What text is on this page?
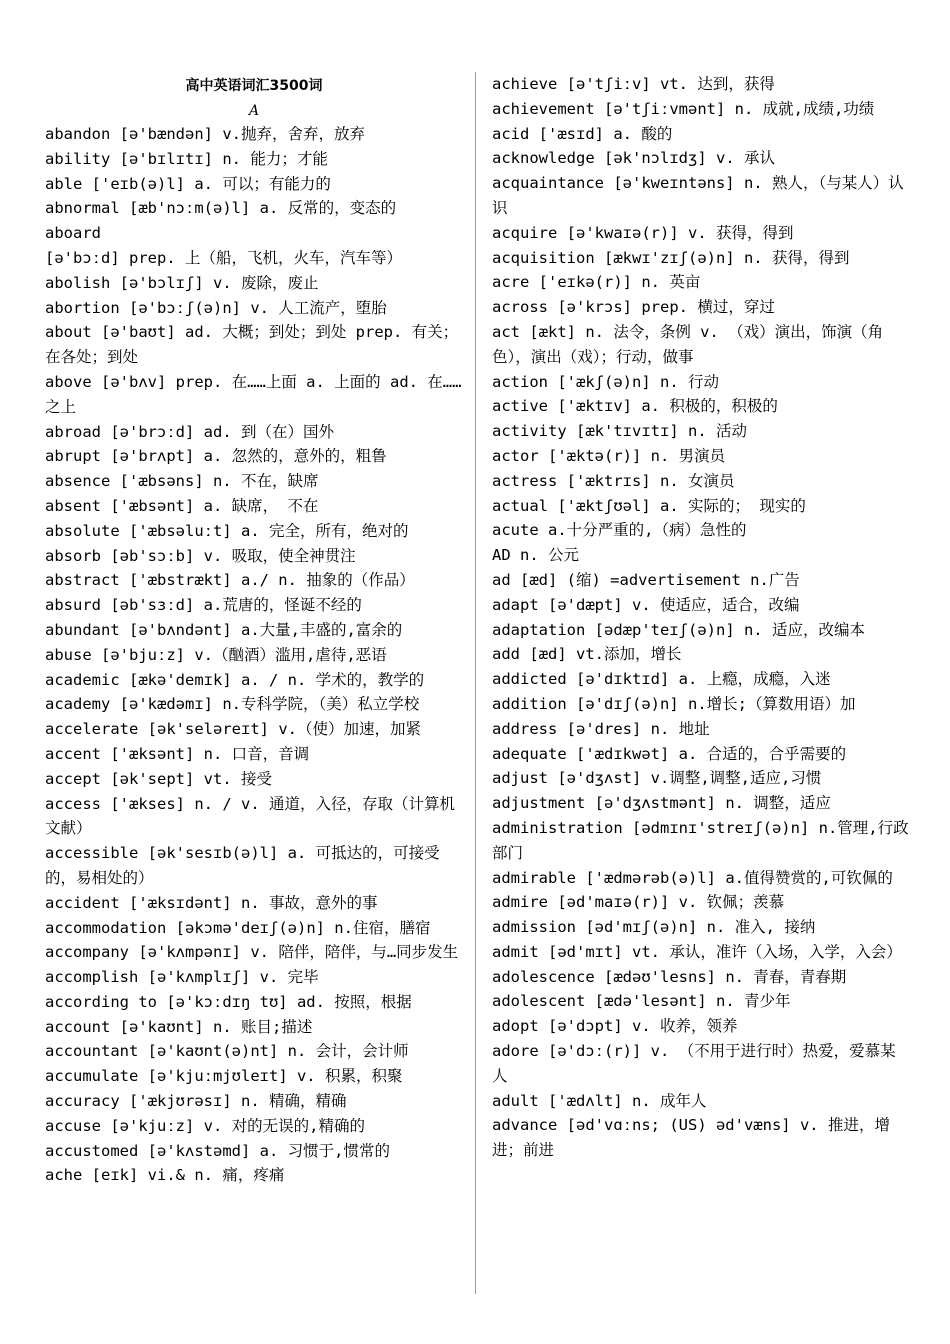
高中英语词汇3500词
A
abandon [ə'bændən] v.抛弃，舍弃，放弃
ability [ə'bɪlɪtɪ] n. 能力；才能
able ['eɪb(ə)l] a. 可以；有能力的
abnormal [æb'nɔːm(ə)l] a. 反常的，变态的
aboard [ə'bɔːd] prep. 上（船，飞机，火车，汽车等）
abolish [ə'bɔlɪʃ] v. 废除，废止
abortion [ə'bɔːʃ(ə)n] v. 人工流产，堕胎
about [ə'baʊt] ad. 大概；到处；到处 prep. 有关；在各处；到处
above [ə'bʌv] prep. 在……上面 a. 上面的 ad. 在……之上
abroad [ə'brɔːd] ad. 到（在）国外
abrupt [ə'brʌpt] a. 忽然的，意外的，粗鲁
absence ['æbsəns] n. 不在，缺席
absent ['æbsənt] a. 缺席， 不在
absolute ['æbsəluːt] a. 完全，所有，绝对的
absorb [əb'sɔːb] v. 吸取，使全神贯注
abstract ['æbstrækt] a./ n. 抽象的（作品）
absurd [əb'sɜːd] a.荒唐的，怪诞不经的
abundant [ə'bʌndənt] a.大量,丰盛的,富余的
abuse [ə'bjuːz] v.（酗酒）滥用,虐待,恶语
academic [ækə'demɪk] a. / n. 学术的，教学的
academy [ə'kædəmɪ] n.专科学院，（美）私立学校
accelerate [ək'seləreɪt] v.（使）加速，加紧
accent ['æksənt] n. 口音，音调
accept [ək'sept] vt. 接受
access ['ækses] n. / v. 通道，入径，存取（计算机文献）
accessible [ək'sesɪb(ə)l] a. 可抵达的，可接受的，易相处的）
accident ['æksɪdənt] n. 事故，意外的事
accommodation [əkɔmə'deɪʃ(ə)n] n.住宿，膳宿
accompany [ə'kʌmpənɪ] v. 陪伴，陪伴，与…同步发生
accomplish [ə'kʌmplɪʃ] v. 完毕
according to [ə'kɔːdɪŋ tʊ] ad. 按照，根据
account [ə'kaʊnt] n. 账目;描述
accountant [ə'kaʊnt(ə)nt] n. 会计，会计师
accumulate [ə'kjuːmjʊleɪt] v. 积累，积聚
accuracy ['ækjʊrəsɪ] n. 精确，精确
accuse [ə'kjuːz] v. 对的无误的,精确的
accustomed [ə'kʌstəmd] a. 习惯于,惯常的
ache [eɪk] vi.& n. 痛，疼痛
achieve [ə'tʃiːv] vt. 达到，获得
achievement [ə'tʃiːvmənt] n. 成就,成绩,功绩
acid ['æsɪd] a. 酸的
acknowledge [ək'nɔlɪdʒ] v. 承认
acquaintance [ə'kweɪntəns] n. 熟人，（与某人）认识
acquire [ə'kwaɪə(r)] v. 获得，得到
acquisition [ækwɪ'zɪʃ(ə)n] n. 获得，得到
acre ['eɪkə(r)] n. 英亩
across [ə'krɔs] prep. 横过，穿过
act [ækt] n. 法令，条例 v. （戏）演出，饰演（角色），演出（戏）；行动，做事
action ['ækʃ(ə)n] n. 行动
active ['æktɪv] a. 积极的，积极的
activity [æk'tɪvɪtɪ] n. 活动
actor ['æktə(r)] n. 男演员
actress ['æktrɪs] n. 女演员
actual ['æktʃʊəl] a. 实际的； 现实的
acute a.十分严重的,（病）急性的
AD n. 公元
ad [æd] (缩) =advertisement n.广告
adapt [ə'dæpt] v. 使适应，适合，改编
adaptation [ədæp'teɪʃ(ə)n] n. 适应，改编本
add [æd] vt.添加，增长
addicted [ə'dɪktɪd] a. 上瘾，成瘾，入迷
addition [ə'dɪʃ(ə)n] n.增长;（算数用语）加
address [ə'dres] n. 地址
adequate ['ædɪkwət] a. 合适的，合乎需要的
adjust [ə'dʒʌst] v.调整,调整,适应,习惯
adjustment [ə'dʒʌstmənt] n. 调整，适应
administration [ədmɪnɪ'streɪʃ(ə)n] n.管理,行政部门
admirable ['ædmərəb(ə)l] a.值得赞赏的,可钦佩的
admire [əd'maɪə(r)] v. 钦佩；羡慕
admission [əd'mɪʃ(ə)n] n. 准入, 接纳
admit [əd'mɪt] vt. 承认，准许（入场，入学，入会）
adolescence [ædəʊ'lesns] n. 青春，青春期
adolescent [ædə'lesənt] n. 青少年
adopt [ə'dɔpt] v. 收养，领养
adore [ə'dɔː(r)] v. （不用于进行时）热爱，爱慕某人
adult ['ædʌlt] n. 成年人
advance [əd'vɑːns; (US) əd'væns] v. 推进，增进；前进
